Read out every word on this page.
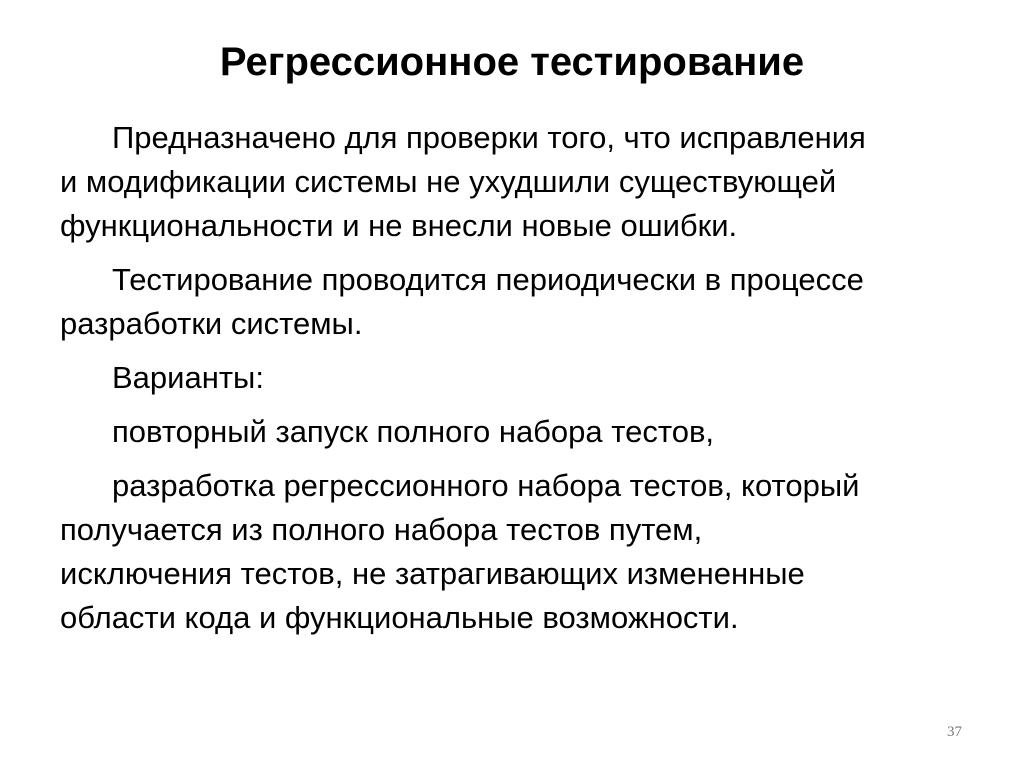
Регрессионное тестирование

Предназначено для проверки того, что исправления
и модификации системы не ухудшили существующей
функциональности и не внесли новые ошибки.

Тестирование проводится периодически в процессе
разработки системы.

Варианты:

повторный запуск полного набора тестов,

разработка регрессионного набора тестов, который
получается из полного набора тестов путем,
исключения тестов, не затрагивающих измененные
области кода и функциональные возможности.

37
